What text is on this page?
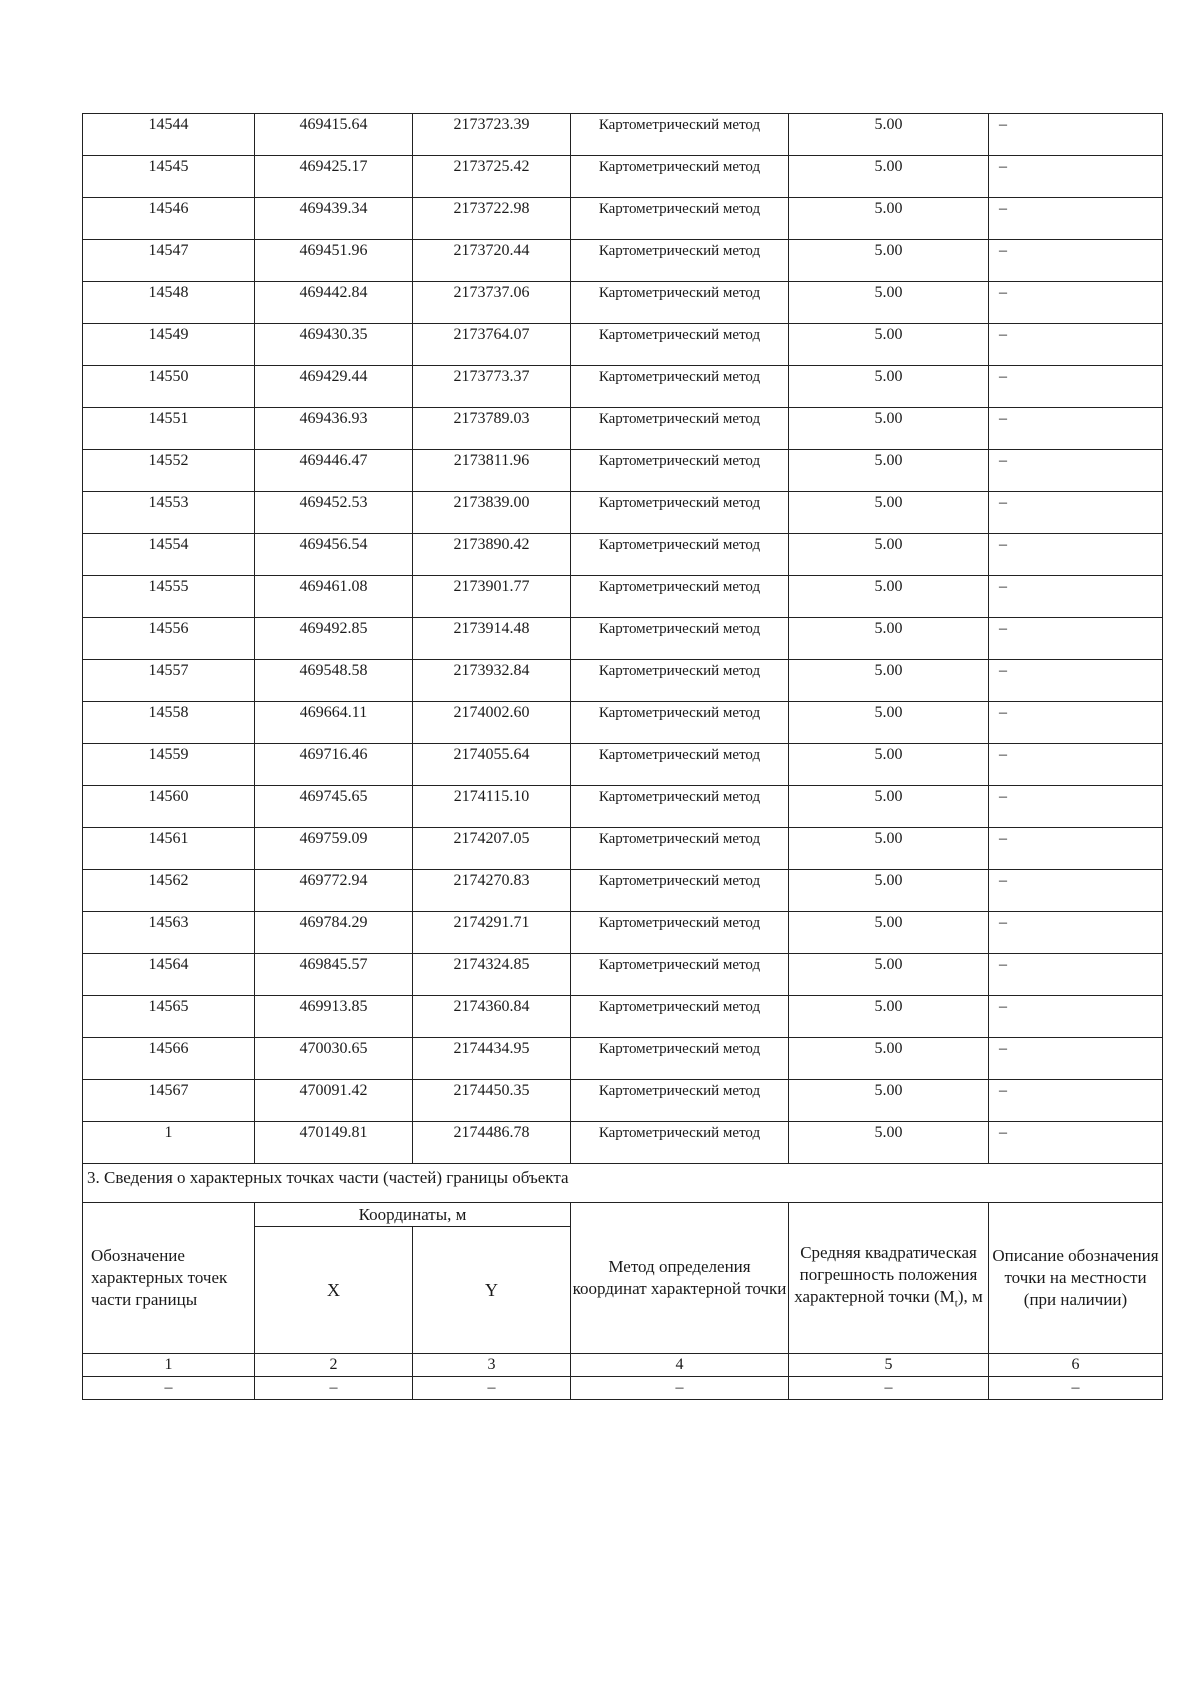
14544	469415.64	2173723.39	Картометрический метод	5.00	–

14545	469425.17	2173725.42	Картометрический метод	5.00	–

14546	469439.34	2173722.98	Картометрический метод	5.00	–

14547	469451.96	2173720.44	Картометрический метод	5.00	–

14548	469442.84	2173737.06	Картометрический метод	5.00	–

14549	469430.35	2173764.07	Картометрический метод	5.00	–

14550	469429.44	2173773.37	Картометрический метод	5.00	–

14551	469436.93	2173789.03	Картометрический метод	5.00	–

14552	469446.47	2173811.96	Картометрический метод	5.00	–

14553	469452.53	2173839.00	Картометрический метод	5.00	–

14554	469456.54	2173890.42	Картометрический метод	5.00	–

14555	469461.08	2173901.77	Картометрический метод	5.00	–

14556	469492.85	2173914.48	Картометрический метод	5.00	–

14557	469548.58	2173932.84	Картометрический метод	5.00	–

14558	469664.11	2174002.60	Картометрический метод	5.00	–

14559	469716.46	2174055.64	Картометрический метод	5.00	–

14560	469745.65	2174115.10	Картометрический метод	5.00	–

14561	469759.09	2174207.05	Картометрический метод	5.00	–

14562	469772.94	2174270.83	Картометрический метод	5.00	–

14563	469784.29	2174291.71	Картометрический метод	5.00	–

14564	469845.57	2174324.85	Картометрический метод	5.00	–

14565	469913.85	2174360.84	Картометрический метод	5.00	–

14566	470030.65	2174434.95	Картометрический метод	5.00	–

14567	470091.42	2174450.35	Картометрический метод	5.00	–

1	470149.81	2174486.78	Картометрический метод	5.00	–

3. Сведения о характерных точках части (частей) границы объекта					

Обозначение характерных точек части границы	Координаты, м		Метод определения координат характерной точки	Средняя квадратическая погрешность положения характерной точки $(M_t)$, м	Описание обозначения точки на местности (при наличии)
	X	Y			
1	2	3	4	5	6
–	–	–	–	–	–
